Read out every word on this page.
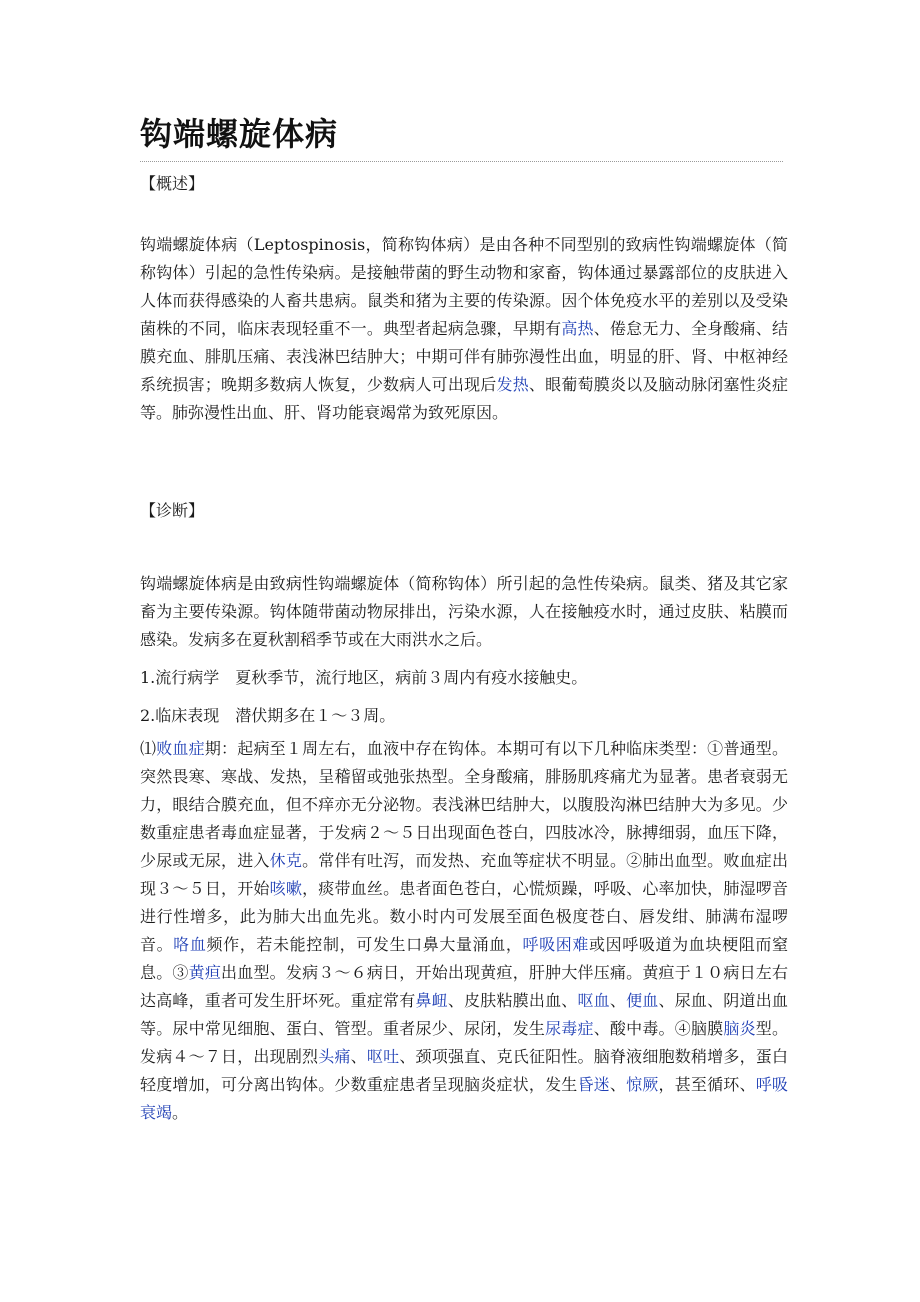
钩端螺旋体病
【概述】

钩端螺旋体病（Leptospinosis，简称钩体病）是由各种不同型别的致病性钩端螺旋体（简称钩体）引起的急性传染病。是接触带菌的野生动物和家畜，钩体通过暴露部位的皮肤进入人体而获得感染的人畜共患病。鼠类和猪为主要的传染源。因个体免疫水平的差别以及受染菌株的不同，临床表现轻重不一。典型者起病急骤，早期有高热、倦怠无力、全身酸痛、结膜充血、腓肌压痛、表浅淋巴结肿大；中期可伴有肺弥漫性出血，明显的肝、肾、中枢神经系统损害；晚期多数病人恢复，少数病人可出现后发热、眼葡萄膜炎以及脑动脉闭塞性炎症等。肺弥漫性出血、肝、肾功能衰竭常为致死原因。

【诊断】

钩端螺旋体病是由致病性钩端螺旋体（简称钩体）所引起的急性传染病。鼠类、猪及其它家畜为主要传染源。钩体随带菌动物尿排出，污染水源，人在接触疫水时，通过皮肤、粘膜而感染。发病多在夏秋割稻季节或在大雨洪水之后。

1.流行病学　夏秋季节，流行地区，病前３周内有疫水接触史。
2.临床表现　潜伏期多在１～３周。

⑴败血症期：起病至１周左右，血液中存在钩体。本期可有以下几种临床类型：①普通型。突然畏寒、寒战、发热，呈稽留或弛张热型。全身酸痛，腓肠肌疼痛尤为显著。患者衰弱无力，眼结合膜充血，但不痒亦无分泌物。表浅淋巴结肿大，以腹股沟淋巴结肿大为多见。少数重症患者毒血症显著，于发病２～５日出现面色苍白，四肢冰冷，脉搏细弱，血压下降，少尿或无尿，进入休克。常伴有吐泻，而发热、充血等症状不明显。②肺出血型。败血症出现３～５日，开始咳嗽，痰带血丝。患者面色苍白，心慌烦躁，呼吸、心率加快，肺湿啰音进行性增多，此为肺大出血先兆。数小时内可发展至面色极度苍白、唇发绀、肺满布湿啰音。咯血频作，若未能控制，可发生口鼻大量涌血，呼吸困难或因呼吸道为血块梗阻而窒息。③黄疸出血型。发病３～６病日，开始出现黄疸，肝肿大伴压痛。黄疸于１０病日左右达高峰，重者可发生肝坏死。重症常有鼻衄、皮肤粘膜出血、呕血、便血、尿血、阴道出血等。尿中常见细胞、蛋白、管型。重者尿少、尿闭，发生尿毒症、酸中毒。④脑膜脑炎型。发病４～７日，出现剧烈头痛、呕吐、颈项强直、克氏征阳性。脑脊液细胞数稍增多，蛋白轻度增加，可分离出钩体。少数重症患者呈现脑炎症状，发生昏迷、惊厥，甚至循环、呼吸衰竭。
